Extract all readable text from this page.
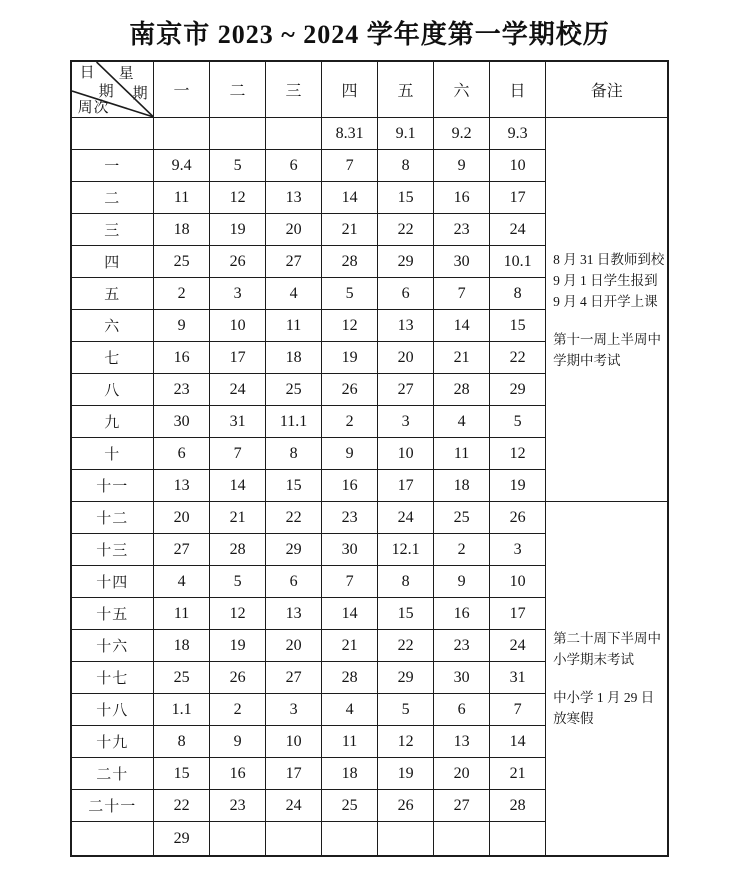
南京市 2023 ~ 2024 学年度第一学期校历
日 星
期 期
周次	一	二	三	四	五	六	日	备注
				8.31	9.1	9.2	9.3	8 月 31 日教师到校
9 月 1 日学生报到
9 月 4 日开学上课
第十一周上半周中
学期中考试

一	9.4	5	6	7	8	9	10	
二	11	12	13	14	15	16	17	
三	18	19	20	21	22	23	24	
四	25	26	27	28	29	30	10.1	
五	2	3	4	5	6	7	8	
六	9	10	11	12	13	14	15	
七	16	17	18	19	20	21	22	
八	23	24	25	26	27	28	29	
九	30	31	11.1	2	3	4	5	
十	6	7	8	9	10	11	12	
十一	13	14	15	16	17	18	19	
十二	20	21	22	23	24	25	26	第二十周下半周中
小学期末考试
中小学 1 月 29 日
放寒假

十三	27	28	29	30	12.1	2	3	
十四	4	5	6	7	8	9	10	
十五	11	12	13	14	15	16	17	
十六	18	19	20	21	22	23	24	
十七	25	26	27	28	29	30	31	
十八	1.1	2	3	4	5	6	7	
十九	8	9	10	11	12	13	14	
二十	15	16	17	18	19	20	21	
二十一	22	23	24	25	26	27	28	
	29							
